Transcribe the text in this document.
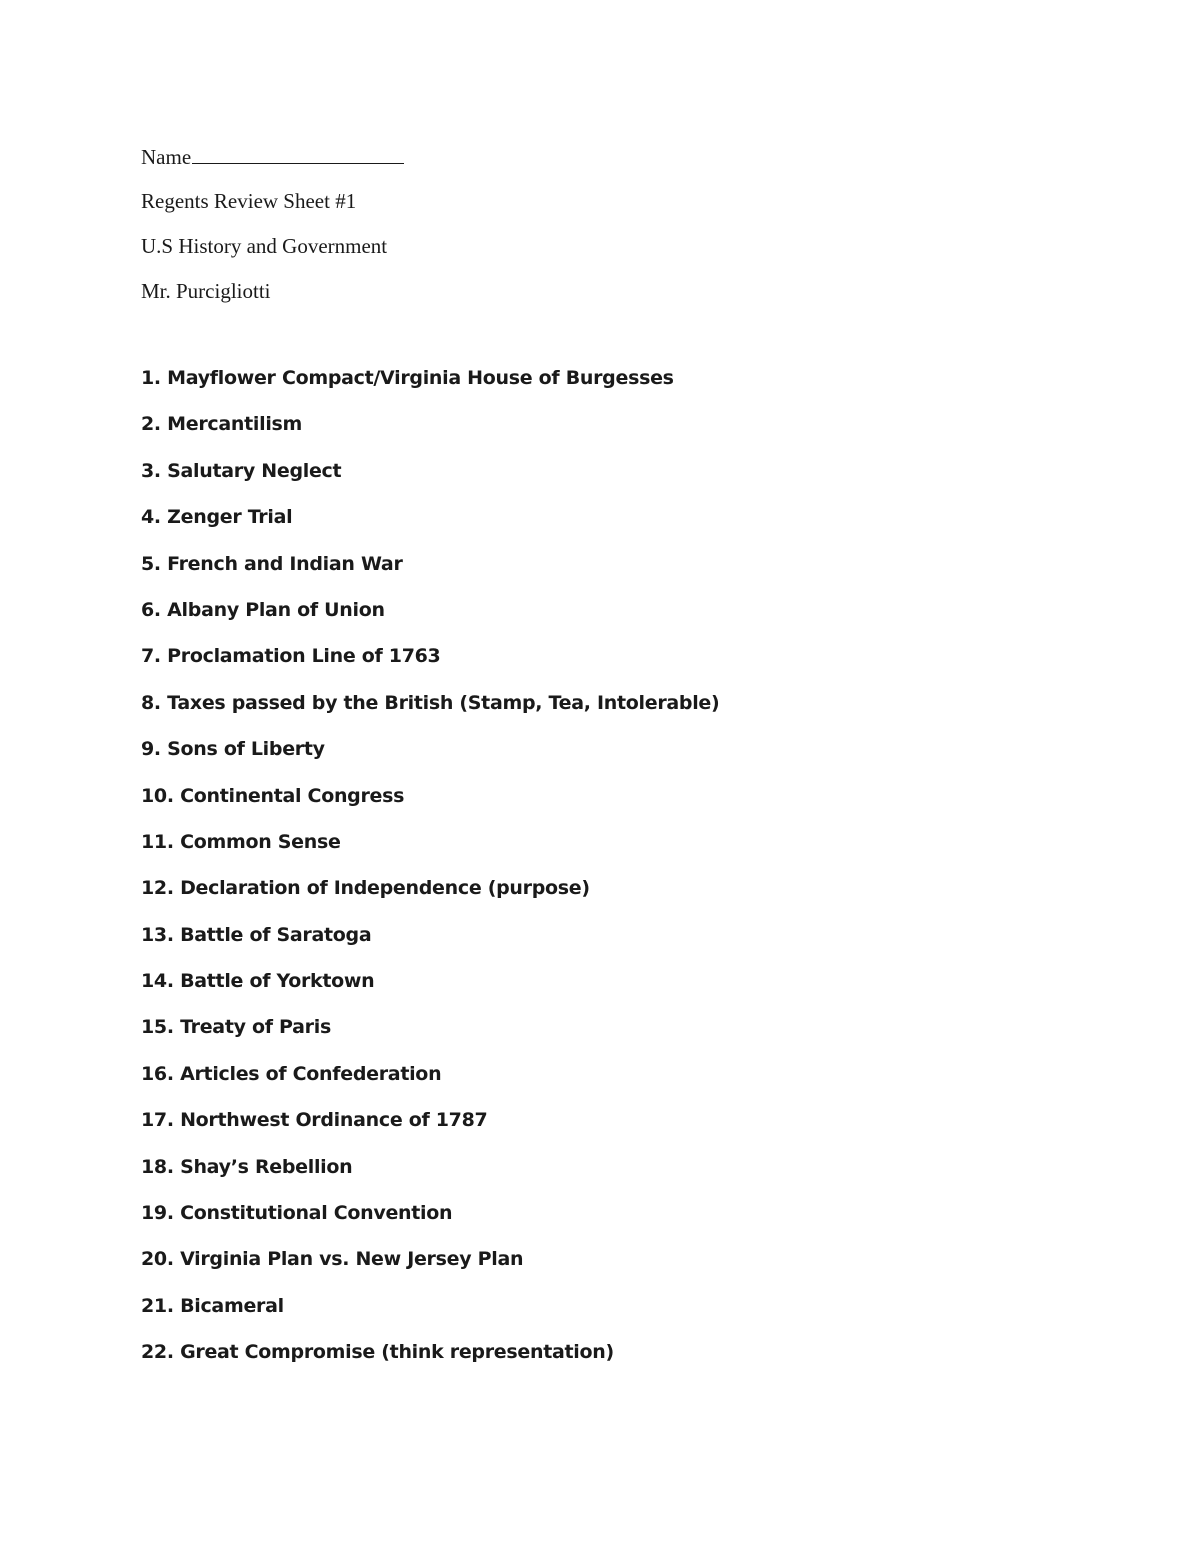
Name
Regents Review Sheet #1
U.S History and Government
Mr. Purcigliotti
1. Mayflower Compact/Virginia House of Burgesses
2. Mercantilism
3. Salutary Neglect
4. Zenger Trial
5. French and Indian War
6. Albany Plan of Union
7. Proclamation Line of 1763
8. Taxes passed by the British (Stamp, Tea, Intolerable)
9. Sons of Liberty
10. Continental Congress
11. Common Sense
12. Declaration of Independence (purpose)
13. Battle of Saratoga
14. Battle of Yorktown
15. Treaty of Paris
16. Articles of Confederation
17. Northwest Ordinance of 1787
18. Shay’s Rebellion
19. Constitutional Convention
20. Virginia Plan vs. New Jersey Plan
21. Bicameral
22. Great Compromise (think representation)
